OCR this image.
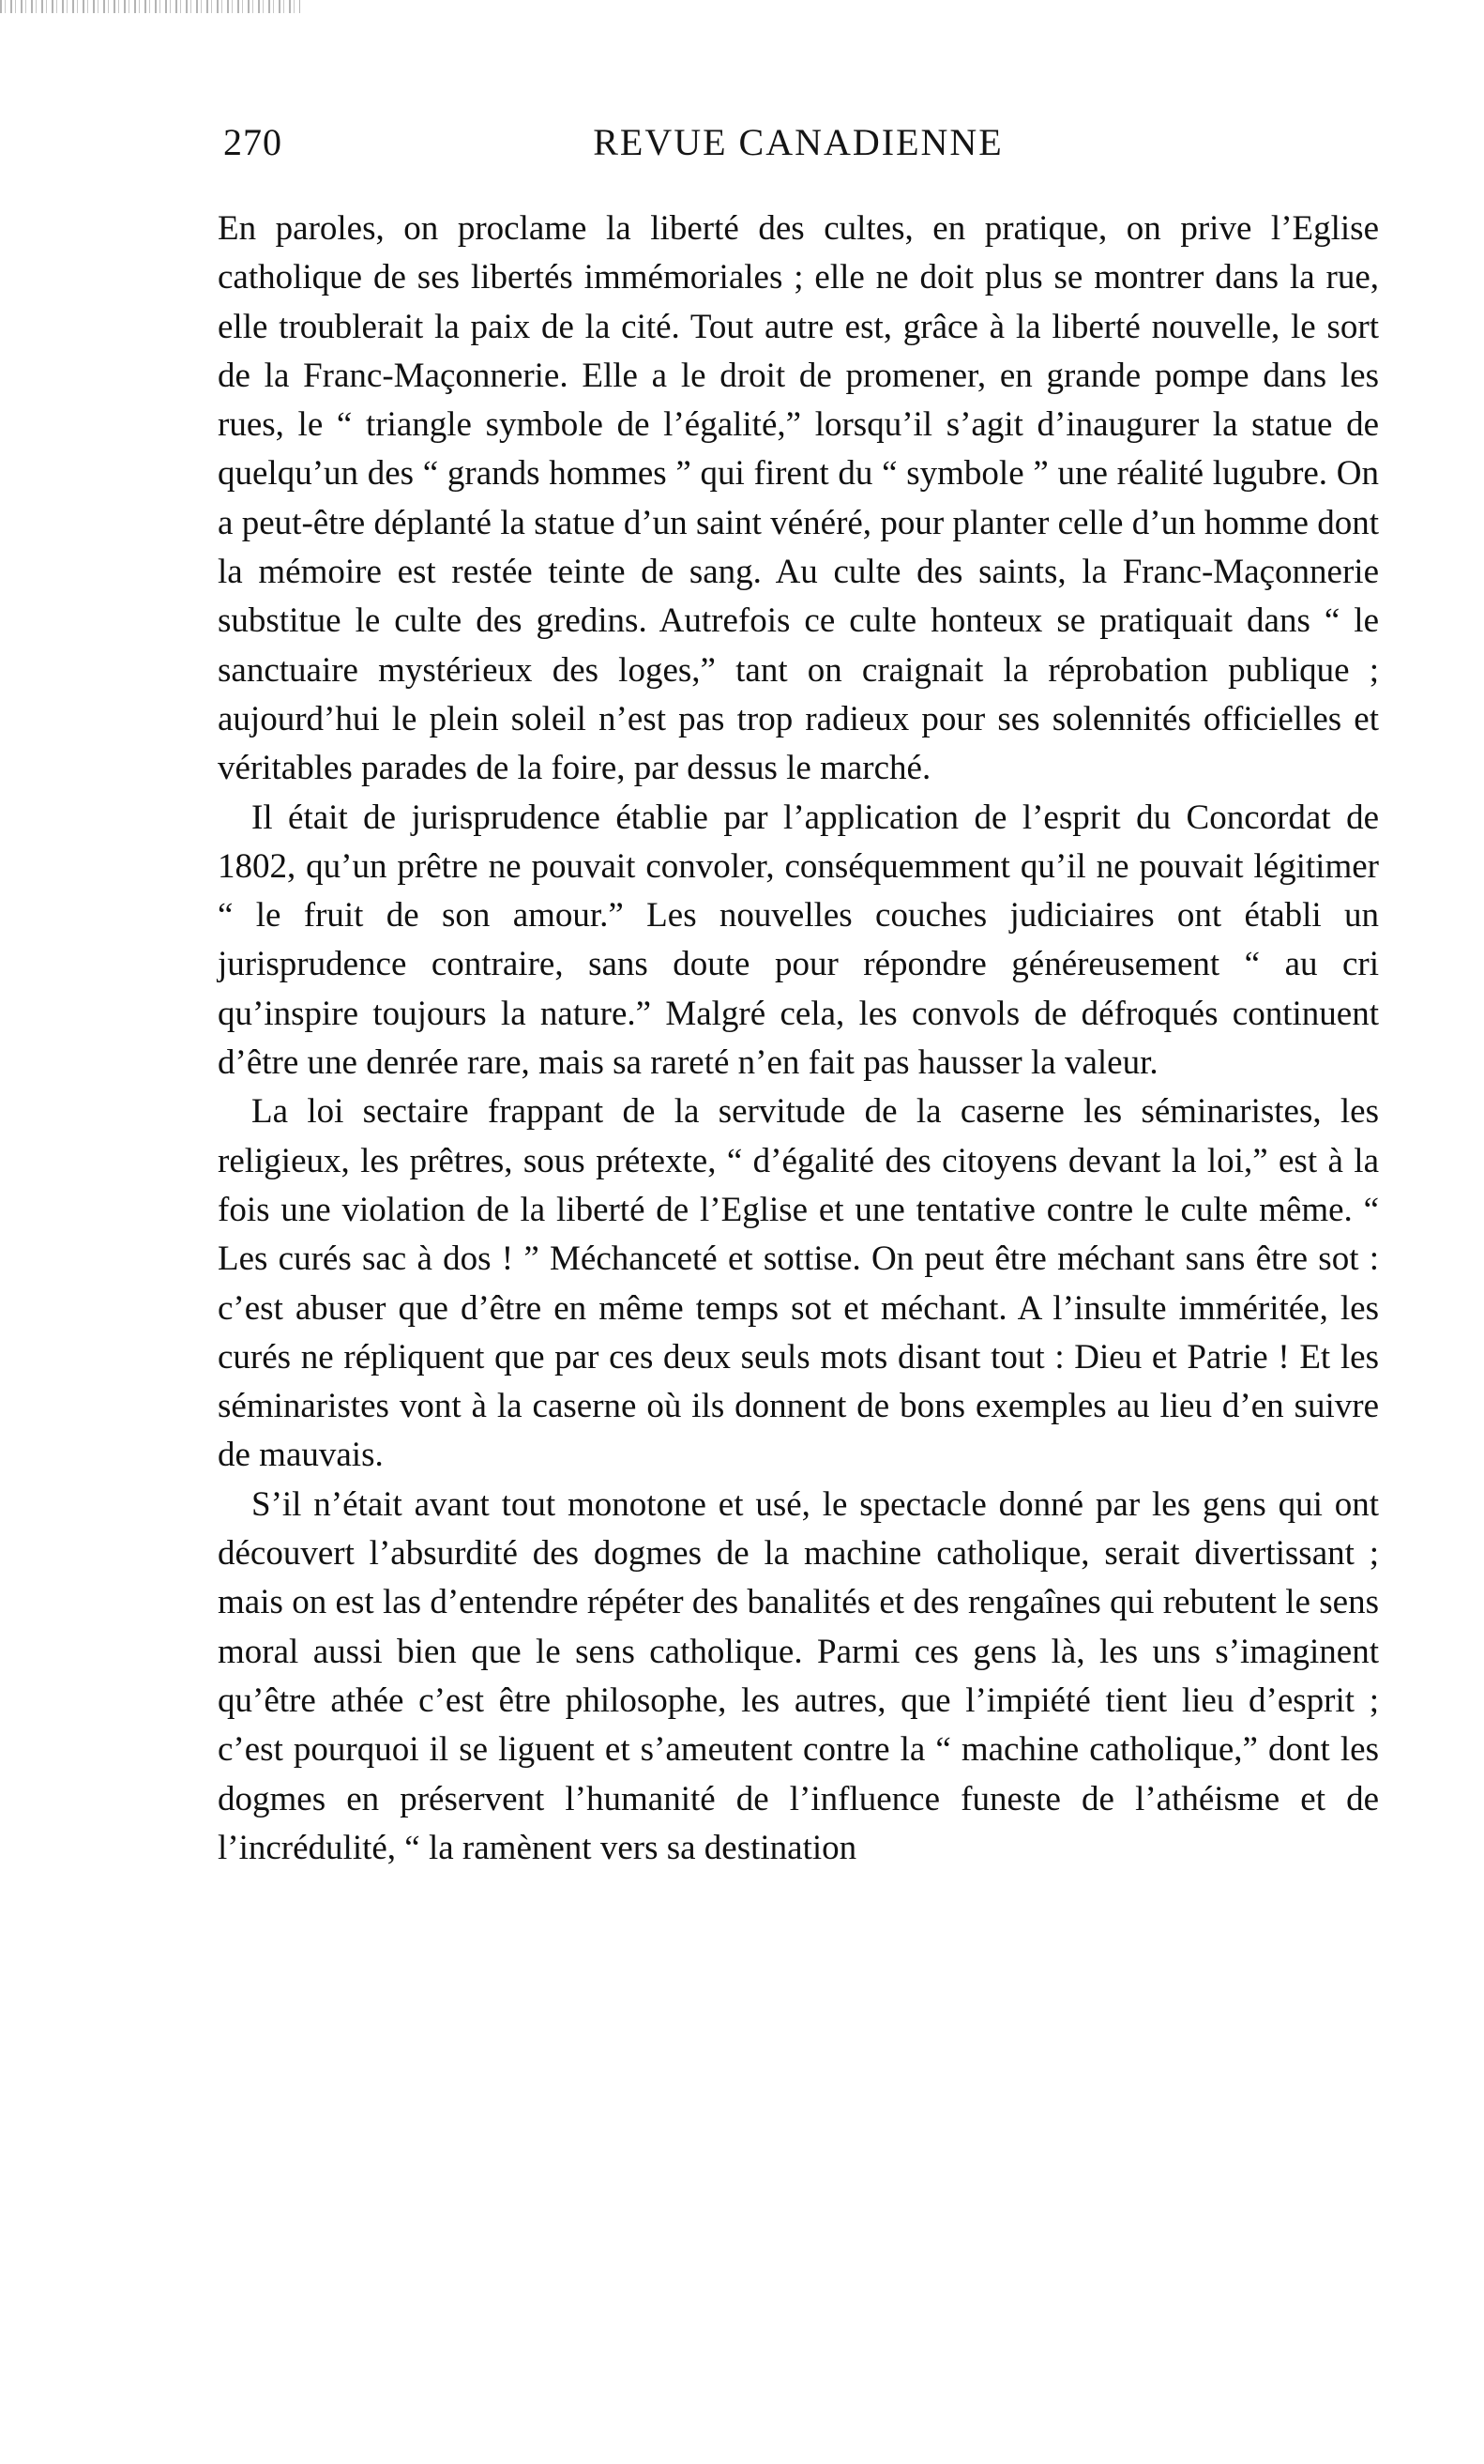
270	REVUE CANADIENNE

En paroles, on proclame la liberté des cultes, en pratique, on prive l’Eglise catholique de ses libertés immémoriales ; elle ne doit plus se montrer dans la rue, elle troublerait la paix de la cité. Tout autre est, grâce à la liberté nouvelle, le sort de la Franc-Maçonnerie. Elle a le droit de promener, en grande pompe dans les rues, le “ triangle symbole de l’égalité,” lorsqu’il s’agit d’inaugurer la statue de quelqu’un des “ grands hommes ” qui firent du “ symbole ” une réalité lugubre. On a peut-être déplanté la statue d’un saint vénéré, pour planter celle d’un homme dont la mémoire est restée teinte de sang. Au culte des saints, la Franc-Maçonnerie substitue le culte des gredins. Autrefois ce culte honteux se pratiquait dans “ le sanctuaire mystérieux des loges,” tant on craignait la réprobation publique ; aujourd’hui le plein soleil n’est pas trop radieux pour ses solennités officielles et véritables parades de la foire, par dessus le marché.

Il était de jurisprudence établie par l’application de l’esprit du Concordat de 1802, qu’un prêtre ne pouvait convoler, conséquemment qu’il ne pouvait légitimer “ le fruit de son amour.” Les nouvelles couches judiciaires ont établi un jurisprudence contraire, sans doute pour répondre généreusement “ au cri qu’inspire toujours la nature.” Malgré cela, les convols de défroqués continuent d’être une denrée rare, mais sa rareté n’en fait pas hausser la valeur.

La loi sectaire frappant de la servitude de la caserne les séminaristes, les religieux, les prêtres, sous prétexte, “ d’égalité des citoyens devant la loi,” est à la fois une violation de la liberté de l’Eglise et une tentative contre le culte même. “ Les curés sac à dos ! ” Méchanceté et sottise. On peut être méchant sans être sot : c’est abuser que d’être en même temps sot et méchant. A l’insulte imméritée, les curés ne répliquent que par ces deux seuls mots disant tout : Dieu et Patrie ! Et les séminaristes vont à la caserne où ils donnent de bons exemples au lieu d’en suivre de mauvais.

S’il n’était avant tout monotone et usé, le spectacle donné par les gens qui ont découvert l’absurdité des dogmes de la machine catholique, serait divertissant ; mais on est las d’entendre répéter des banalités et des rengaînes qui rebutent le sens moral aussi bien que le sens catholique. Parmi ces gens là, les uns s’imaginent qu’être athée c’est être philosophe, les autres, que l’impiété tient lieu d’esprit ; c’est pourquoi il se liguent et s’ameutent contre la “ machine catholique,” dont les dogmes en préservent l’humanité de l’influence funeste de l’athéisme et de l’incrédulité, “ la ramènent vers sa destination
